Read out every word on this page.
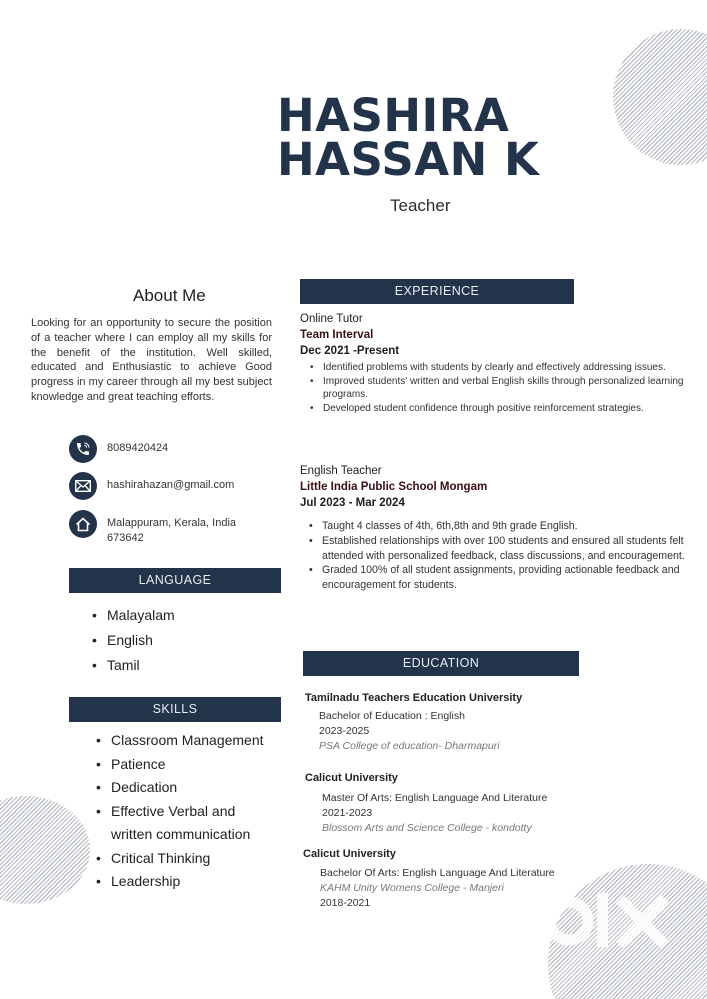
HASHIRA
HASSAN K
Teacher
About Me
Looking for an opportunity to secure the position of a teacher where I can employ all my skills for the benefit of the institution. Well skilled, educated and Enthusiastic to achieve Good progress in my career through all my best subject knowledge and great teaching efforts.
8089420424
hashirahazan@gmail.com
Malappuram, Kerala, India
673642
LANGUAGE
• Malayalam
• English
• Tamil
SKILLS
• Classroom Management
• Patience
• Dedication
• Effective Verbal and
written communication
• Critical Thinking
• Leadership
EXPERIENCE
Online Tutor
Team Interval
Dec 2021 -Present
• Identified problems with students by clearly and effectively addressing issues.
• Improved students' written and verbal English skills through personalized learning programs.
• Developed student confidence through positive reinforcement strategies.
English Teacher
Little India Public School Mongam
Jul 2023 - Mar 2024
• Taught 4 classes of 4th, 6th,8th and 9th grade English.
• Established relationships with over 100 students and ensured all students felt attended with personalized feedback, class discussions, and encouragement.
• Graded 100% of all student assignments, providing actionable feedback and encouragement for students.
EDUCATION
Tamilnadu Teachers Education University
Bachelor of Education : English
2023-2025
PSA College of education- Dharmapuri
Calicut University
Master Of Arts: English Language And Literature
2021-2023
Blossom Arts and Science College - kondotty
Calicut University
Bachelor Of Arts: English Language And Literature
KAHM Unity Womens College - Manjeri
2018-2021
